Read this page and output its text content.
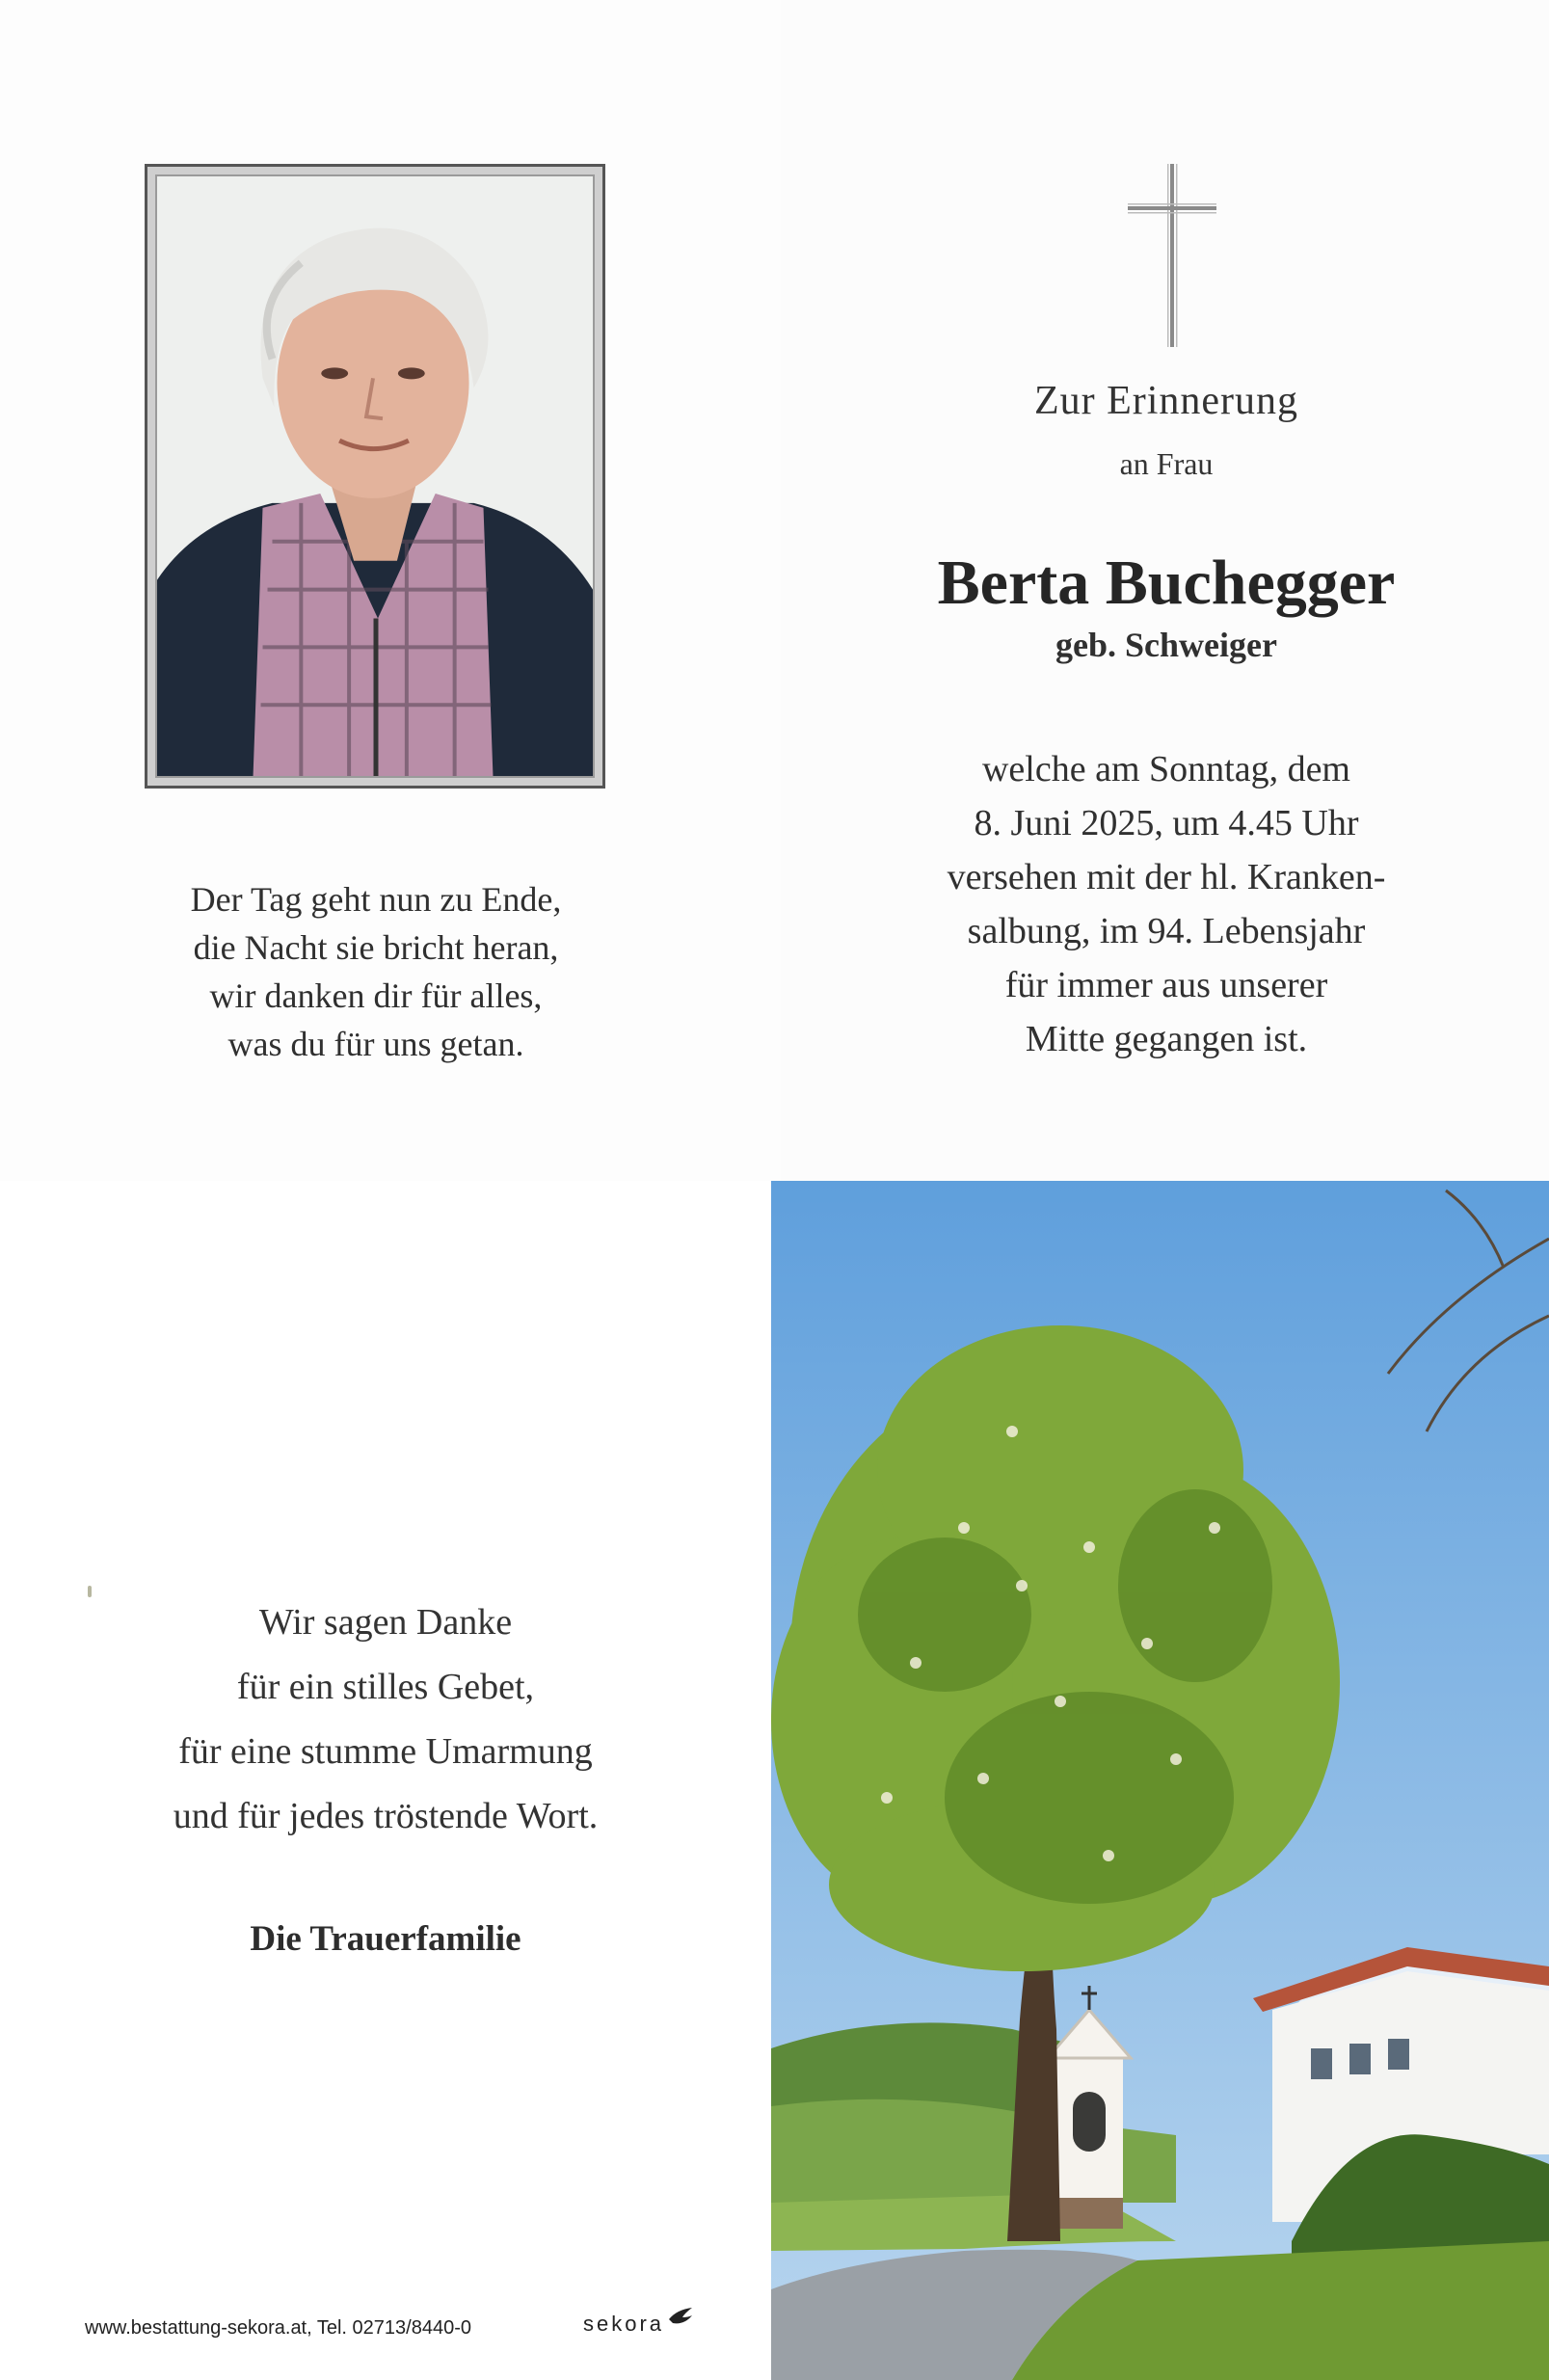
Der Tag geht nun zu Ende,
die Nacht sie bricht heran,
wir danken dir für alles,
was du für uns getan.
Zur Erinnerung
an Frau
Berta Buchegger
geb. Schweiger
welche am Sonntag, dem
8. Juni 2025, um 4.45 Uhr
versehen mit der hl. Kranken-
salbung, im 94. Lebensjahr
für immer aus unserer
Mitte gegangen ist.
Wir sagen Danke
für ein stilles Gebet,
für eine stumme Umarmung
und für jedes tröstende Wort.
Die Trauerfamilie
www.bestattung-sekora.at, Tel. 02713/8440-0	sekora
